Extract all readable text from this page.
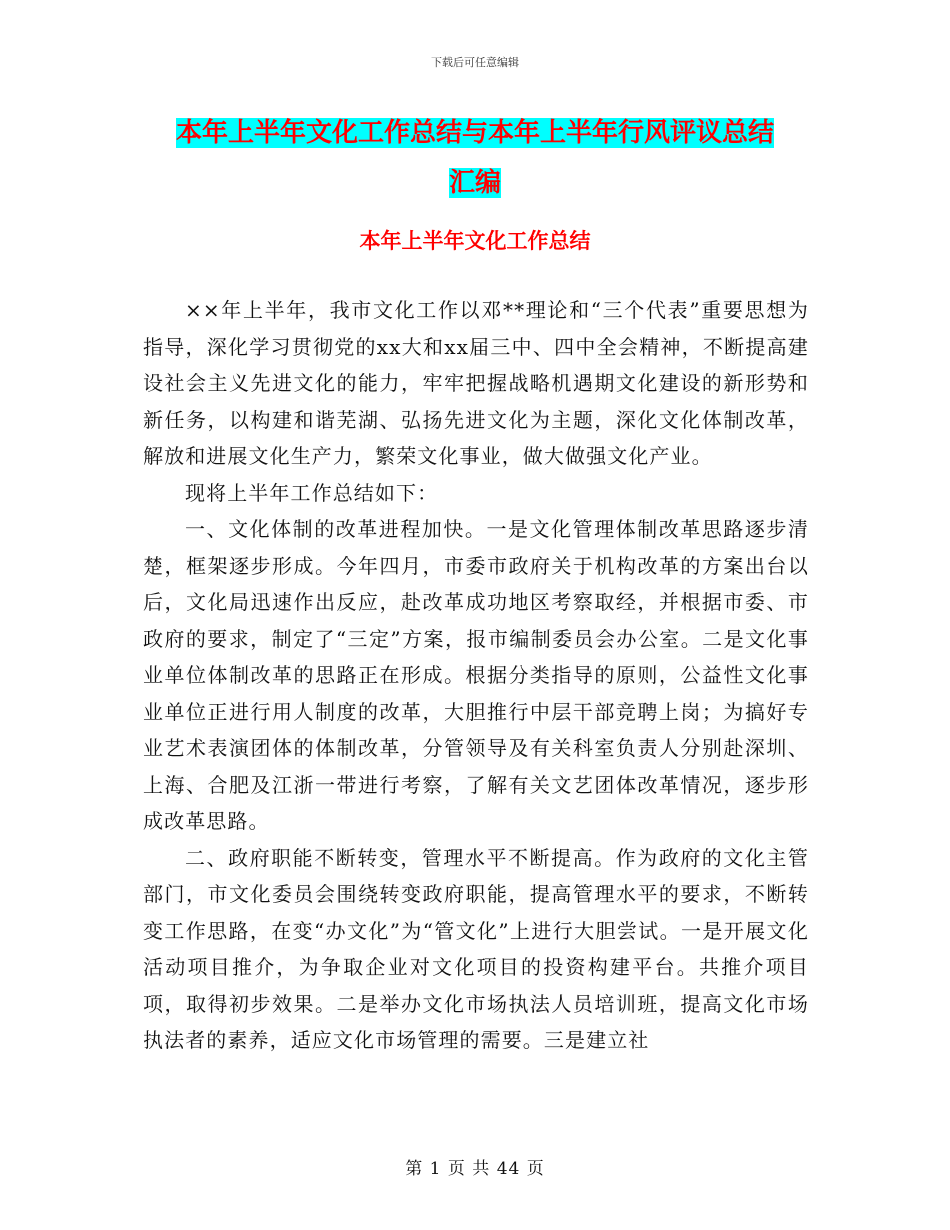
下载后可任意编辑
本年上半年文化工作总结与本年上半年行风评议总结
汇编
本年上半年文化工作总结

××年上半年，我市文化工作以邓**理论和“三个代表”重要思想为指导，深化学习贯彻党的xx大和xx届三中、四中全会精神，不断提高建设社会主义先进文化的能力，牢牢把握战略机遇期文化建设的新形势和新任务，以构建和谐芜湖、弘扬先进文化为主题，深化文化体制改革，解放和进展文化生产力，繁荣文化事业，做大做强文化产业。

现将上半年工作总结如下：

一、文化体制的改革进程加快。一是文化管理体制改革思路逐步清楚，框架逐步形成。今年四月，市委市政府关于机构改革的方案出台以后，文化局迅速作出反应，赴改革成功地区考察取经，并根据市委、市政府的要求，制定了“三定”方案，报市编制委员会办公室。二是文化事业单位体制改革的思路正在形成。根据分类指导的原则，公益性文化事业单位正进行用人制度的改革，大胆推行中层干部竞聘上岗；为搞好专业艺术表演团体的体制改革，分管领导及有关科室负责人分别赴深圳、上海、合肥及江浙一带进行考察，了解有关文艺团体改革情况，逐步形成改革思路。

二、政府职能不断转变，管理水平不断提高。作为政府的文化主管部门，市文化委员会围绕转变政府职能，提高管理水平的要求，不断转变工作思路，在变“办文化”为“管文化”上进行大胆尝试。一是开展文化活动项目推介，为争取企业对文化项目的投资构建平台。共推介项目项，取得初步效果。二是举办文化市场执法人员培训班，提高文化市场执法者的素养，适应文化市场管理的需要。三是建立社

第 1 页 共 44 页
